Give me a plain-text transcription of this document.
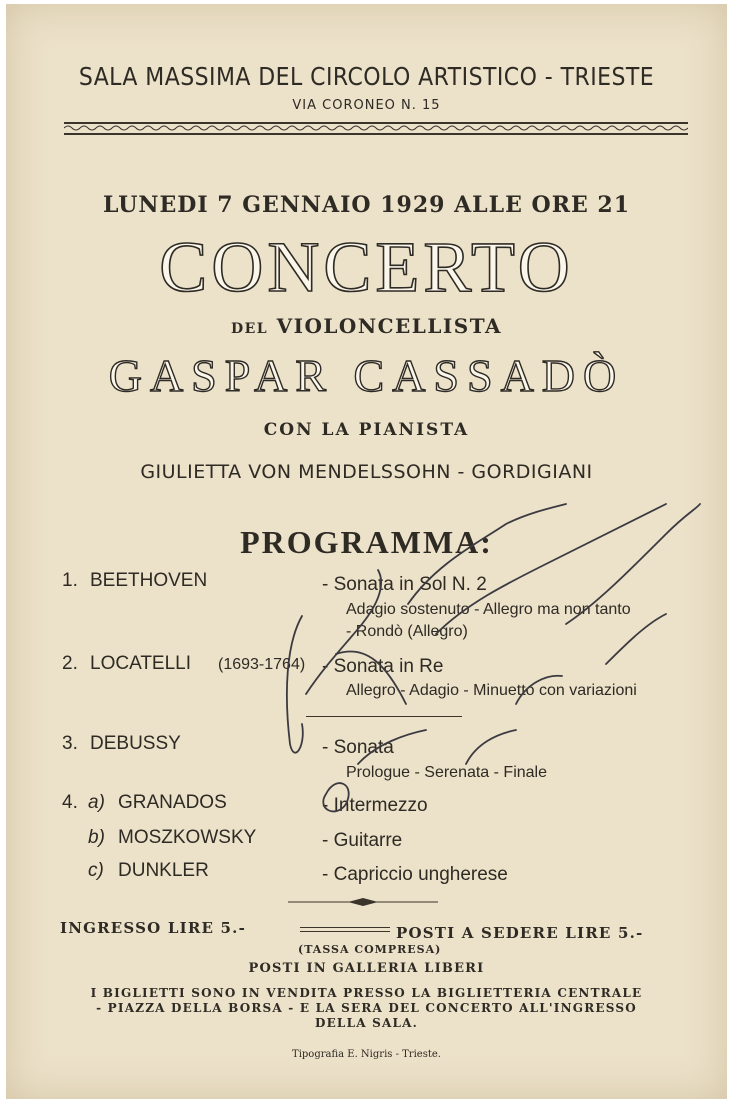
SALA MASSIMA DEL CIRCOLO ARTISTICO - TRIESTE
VIA CORONEO N. 15
LUNEDI 7 GENNAIO 1929 ALLE ORE 21
CONCERTO
DEL VIOLONCELLISTA
GASPAR CASSADÒ
CON LA PIANISTA
GIULIETTA VON MENDELSSOHN - GORDIGIANI
PROGRAMMA:
1. BEETHOVEN	- Sonata in Sol N. 2
Adagio sostenuto - Allegro ma non tanto
- Rondò (Allegro)
2. LOCATELLI (1693-1764) - Sonata in Re
Allegro - Adagio - Minuetto con variazioni
3. DEBUSSY	- Sonata
Prologue - Serenata - Finale
4. a) GRANADOS	- Intermezzo
b) MOSZKOWSKY	- Guitarre
c) DUNKLER	- Capriccio ungherese
INGRESSO LIRE 5.-	POSTI A SEDERE LIRE 5.-
(TASSA COMPRESA)
POSTI IN GALLERIA LIBERI
I BIGLIETTI SONO IN VENDITA PRESSO LA BIGLIETTERIA CENTRALE
- PIAZZA DELLA BORSA - E LA SERA DEL CONCERTO ALL'INGRESSO
DELLA SALA.
Tipografia E. Nigris - Trieste.
